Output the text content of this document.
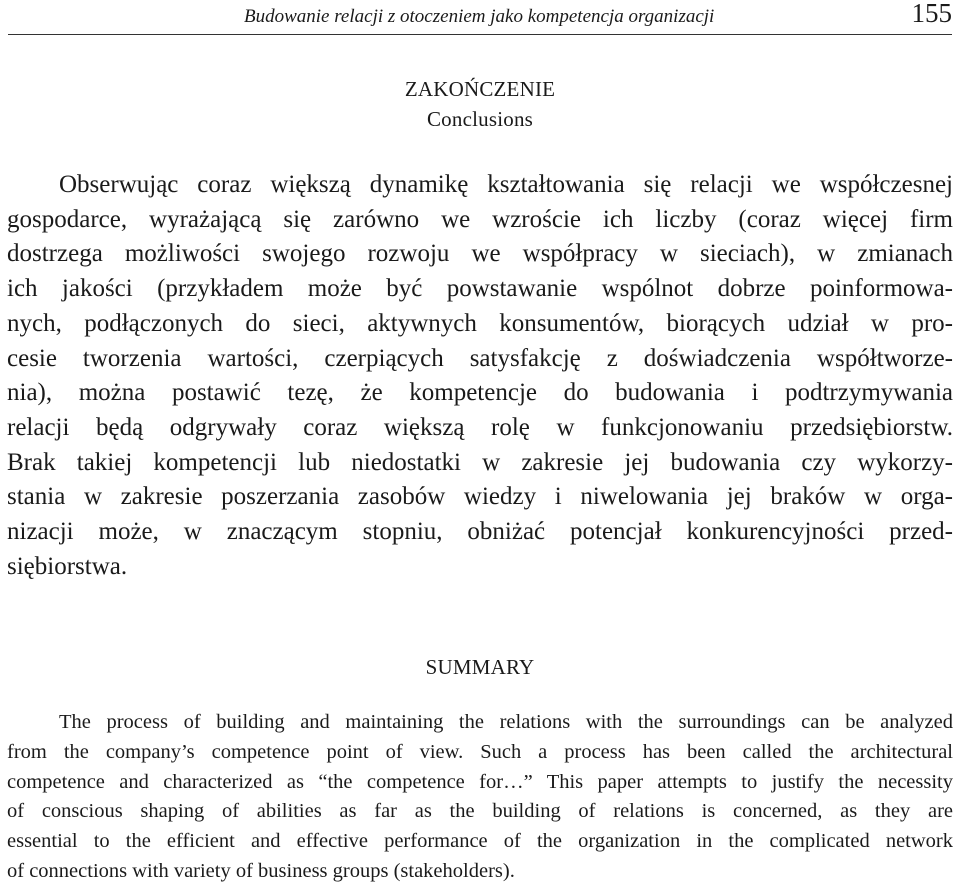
Budowanie relacji z otoczeniem jako kompetencja organizacji	155
ZAKOŃCZENIE
Conclusions
Obserwując coraz większą dynamikę kształtowania się relacji we współczesnej
gospodarce, wyrażającą się zarówno we wzroście ich liczby (coraz więcej firm
dostrzega możliwości swojego rozwoju we współpracy w sieciach), w zmianach
ich jakości (przykładem może być powstawanie wspólnot dobrze poinformowa-
nych, podłączonych do sieci, aktywnych konsumentów, biorących udział w pro-
cesie tworzenia wartości, czerpiących satysfakcję z doświadczenia współtworze-
nia), można postawić tezę, że kompetencje do budowania i podtrzymywania
relacji będą odgrywały coraz większą rolę w funkcjonowaniu przedsiębiorstw.
Brak takiej kompetencji lub niedostatki w zakresie jej budowania czy wykorzy-
stania w zakresie poszerzania zasobów wiedzy i niwelowania jej braków w orga-
nizacji może, w znaczącym stopniu, obniżać potencjał konkurencyjności przed-
siębiorstwa.
SUMMARY
The process of building and maintaining the relations with the surroundings can be analyzed
from the company’s competence point of view. Such a process has been called the architectural
competence and characterized as “the competence for…” This paper attempts to justify the necessity
of conscious shaping of abilities as far as the building of relations is concerned, as they are
essential to the efficient and effective performance of the organization in the complicated network
of connections with variety of business groups (stakeholders).
